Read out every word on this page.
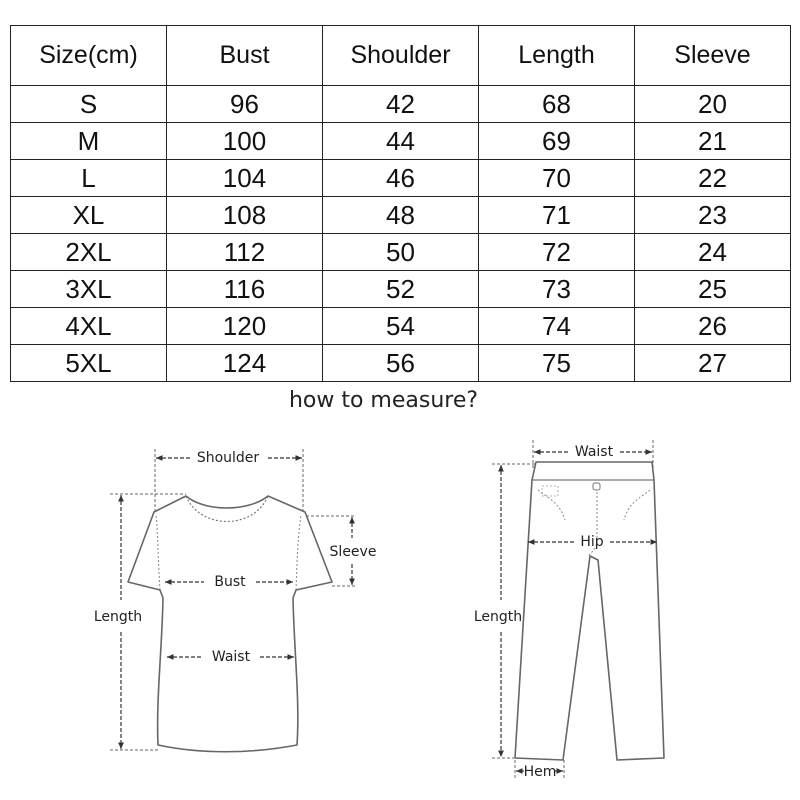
Size(cm)	Bust	Shoulder	Length	Sleeve
S	96	42	68	20
M	100	44	69	21
L	104	46	70	22
XL	108	48	71	23
2XL	112	50	72	24
3XL	116	52	73	25
4XL	120	54	74	26
5XL	124	56	75	27
how to measure?
Shoulder
Sleeve
Bust
Waist
Length
Waist
Hip
Length
Hem
